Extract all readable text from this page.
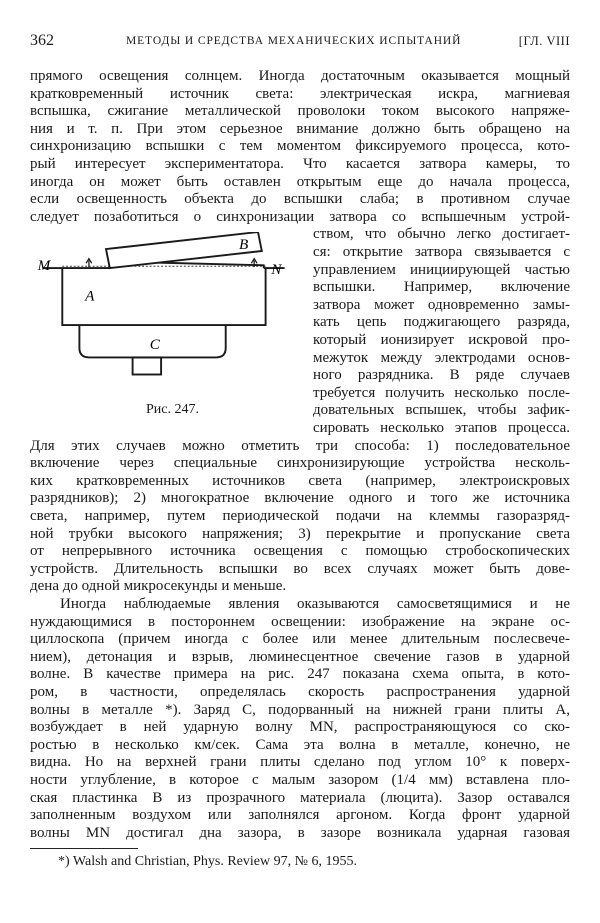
362	МЕТОДЫ И СРЕДСТВА МЕХАНИЧЕСКИХ ИСПЫТАНИЙ	[ГЛ. VIII
прямого освещения солнцем. Иногда достаточным оказывается мощный
кратковременный источник света: электрическая искра, магниевая
вспышка, сжигание металлической проволоки током высокого напряже-
ния и т. п. При этом серьезное внимание должно быть обращено на
синхронизацию вспышки с тем моментом фиксируемого процесса, кото-
рый интересует экспериментатора. Что касается затвора камеры, то
иногда он может быть оставлен открытым еще до начала процесса,
если освещенность объекта до вспышки слаба; в противном случае
следует позаботиться о синхронизации затвора со вспышечным устрой-
M	N
A
B
C
Рис. 247.
ством, что обычно легко достигает-
ся: открытие затвора связывается с
управлением инициирующей частью
вспышки. Например, включение
затвора может одновременно замы-
кать цепь поджигающего разряда,
который ионизирует искровой про-
межуток между электродами основ-
ного разрядника. В ряде случаев
требуется получить несколько после-
довательных вспышек, чтобы зафик-
сировать несколько этапов процесса.
Для этих случаев можно отметить три способа: 1) последовательное
включение через специальные синхронизирующие устройства несколь-
ких кратковременных источников света (например, электроискровых
разрядников); 2) многократное включение одного и того же источника
света, например, путем периодической подачи на клеммы газоразряд-
ной трубки высокого напряжения; 3) перекрытие и пропускание света
от непрерывного источника освещения с помощью стробоскопических
устройств. Длительность вспышки во всех случаях может быть дове-
дена до одной микросекунды и меньше.
Иногда наблюдаемые явления оказываются самосветящимися и не
нуждающимися в постороннем освещении: изображение на экране ос-
циллоскопа (причем иногда с более или менее длительным послесвече-
нием), детонация и взрыв, люминесцентное свечение газов в ударной
волне. В качестве примера на рис. 247 показана схема опыта, в кото-
ром, в частности, определялась скорость распространения ударной
волны в металле *). Заряд C, подорванный на нижней грани плиты A,
возбуждает в ней ударную волну MN, распространяющуюся со ско-
ростью в несколько км/сек. Сама эта волна в металле, конечно, не
видна. Но на верхней грани плиты сделано под углом 10° к поверх-
ности углубление, в которое с малым зазором (1/4 мм) вставлена пло-
ская пластинка B из прозрачного материала (люцита). Зазор оставался
заполненным воздухом или заполнялся аргоном. Когда фронт ударной
волны MN достигал дна зазора, в зазоре возникала ударная газовая
*) Walsh and Christian, Phys. Review 97, № 6, 1955.
